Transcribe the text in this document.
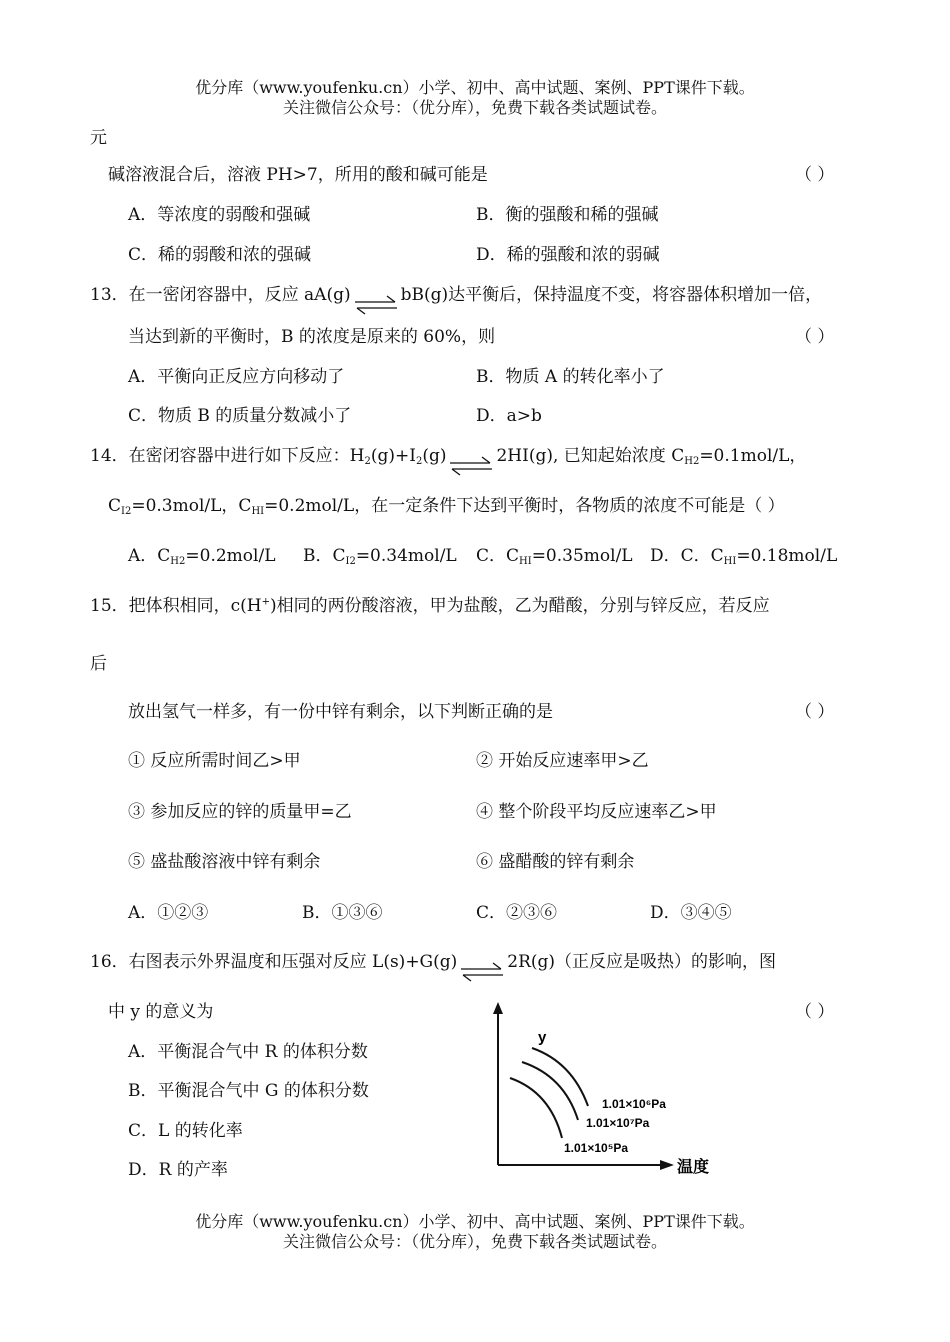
优分库（www.youfenku.cn）小学、初中、高中试题、案例、PPT课件下载。
关注微信公众号：（优分库），免费下载各类试题试卷。
元
碱溶液混合后，溶液 PH>7，所用的酸和碱可能是	（ ）
A．等浓度的弱酸和强碱	B．衡的强酸和稀的强碱
C．稀的弱酸和浓的强碱	D．稀的强酸和浓的弱碱
13．在一密闭容器中，反应 aA(g)⇌bB(g)达平衡后，保持温度不变，将容器体积增加一倍，
当达到新的平衡时，B 的浓度是原来的 60%，则	（ ）
A．平衡向正反应方向移动了	B．物质 A 的转化率小了
C．物质 B 的质量分数减小了	D．a>b
14．在密闭容器中进行如下反应：$H_2(g)+I_2(g)\rightleftharpoons 2HI(g)$, 已知起始浓度 $C_{H2}=0.1mol/L$，
$C_{I2}=0.3mol/L$，$C_{HI}=0.2mol/L$，在一定条件下达到平衡时，各物质的浓度不可能是（ ）
A．$C_{H2}=0.2mol/L$ B．$C_{I2}=0.34mol/L$ C．$C_{HI}=0.35mol/L$ D．C．$C_{HI}=0.18mol/L$
15．把体积相同，c(H+)相同的两份酸溶液，甲为盐酸，乙为醋酸，分别与锌反应，若反应
后
放出氢气一样多，有一份中锌有剩余，以下判断正确的是	（ ）
① 反应所需时间乙>甲	② 开始反应速率甲>乙
③ 参加反应的锌的质量甲=乙	④ 整个阶段平均反应速率乙>甲
⑤ 盛盐酸溶液中锌有剩余	⑥ 盛醋酸的锌有剩余
A．①②③	B．①③⑥	C．②③⑥	D．③④⑤
16．右图表示外界温度和压强对反应 L(s)+G(g)⇌2R(g)（正反应是吸热）的影响，图
中 y 的意义为	（ ）
A．平衡混合气中 R 的体积分数
B．平衡混合气中 G 的体积分数
C．L 的转化率
D．R 的产率
y
温度
1.01×10⁶Pa
1.01×10⁷Pa
1.01×10⁵Pa
优分库（www.youfenku.cn）小学、初中、高中试题、案例、PPT课件下载。
关注微信公众号：（优分库），免费下载各类试题试卷。
